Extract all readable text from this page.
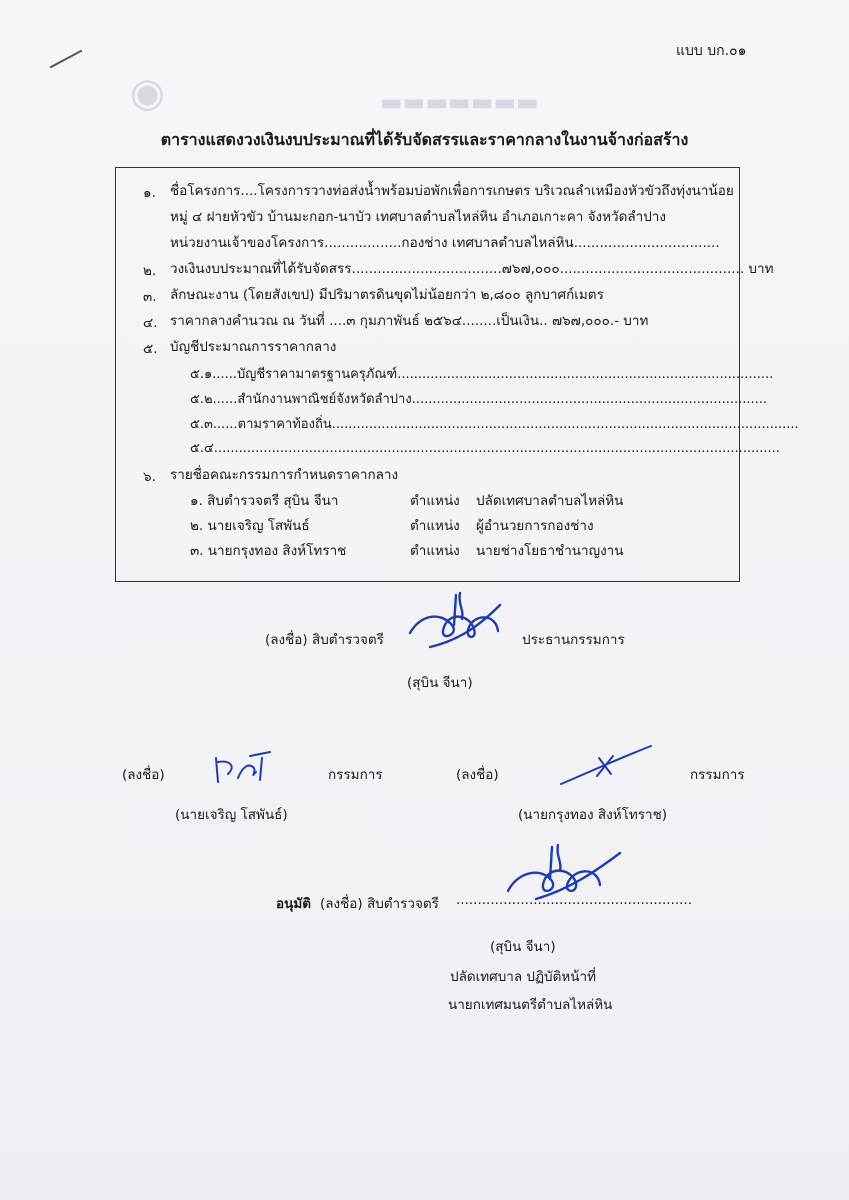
▬▬▬▬▬▬▬
◉
แบบ บก.๐๑
ตารางแสดงวงเงินงบประมาณที่ได้รับจัดสรรและราคากลางในงานจ้างก่อสร้าง
๑. ชื่อโครงการ....โครงการวางท่อส่งน้ำพร้อมบ่อพักเพื่อการเกษตร บริเวณลำเหมืองหัวขัวถึงทุ่งนาน้อย
หมู่ ๔ ฝายหัวขัว บ้านมะกอก-นาบัว เทศบาลตำบลไหล่หิน อำเภอเกาะคา จังหวัดลำปาง
หน่วยงานเจ้าของโครงการ..................กองช่าง เทศบาลตำบลไหล่หิน..................................
๒. วงเงินงบประมาณที่ได้รับจัดสรร...................................๗๖๗,๐๐๐........................................... บาท
๓. ลักษณะงาน (โดยสังเขป) มีปริมาตรดินขุดไม่น้อยกว่า ๒,๘๐๐ ลูกบาศก์เมตร
๔. ราคากลางคำนวณ ณ วันที่ ....๓ กุมภาพันธ์ ๒๕๖๔........เป็นเงิน.. ๗๖๗,๐๐๐.- บาท
๕. บัญชีประมาณการราคากลาง
๕.๑......บัญชีราคามาตรฐานครุภัณฑ์...........................................................................................
๕.๒......สำนักงานพาณิชย์จังหวัดลำปาง......................................................................................
๕.๓......ตามราคาท้องถิ่น.................................................................................................................
๕.๔.........................................................................................................................................
๖. รายชื่อคณะกรรมการกำหนดราคากลาง
๑. สิบตำรวจตรี สุบิน จีนา	ตำแหน่ง ปลัดเทศบาลตำบลไหล่หิน
๒. นายเจริญ โสพันธ์	ตำแหน่ง ผู้อำนวยการกองช่าง
๓. นายกรุงทอง สิงห์โทราช	ตำแหน่ง นายช่างโยธาชำนาญงาน
(ลงชื่อ) สิบตำรวจตรี	ประธานกรรมการ
(สุบิน จีนา)
(ลงชื่อ)	กรรมการ
(นายเจริญ โสพันธ์)
(ลงชื่อ)	กรรมการ
(นายกรุงทอง สิงห์โทราช)
อนุมัติ (ลงชื่อ) สิบตำรวจตรี .......................................................
(สุบิน จีนา)
ปลัดเทศบาล ปฏิบัติหน้าที่
นายกเทศมนตรีตำบลไหล่หิน
